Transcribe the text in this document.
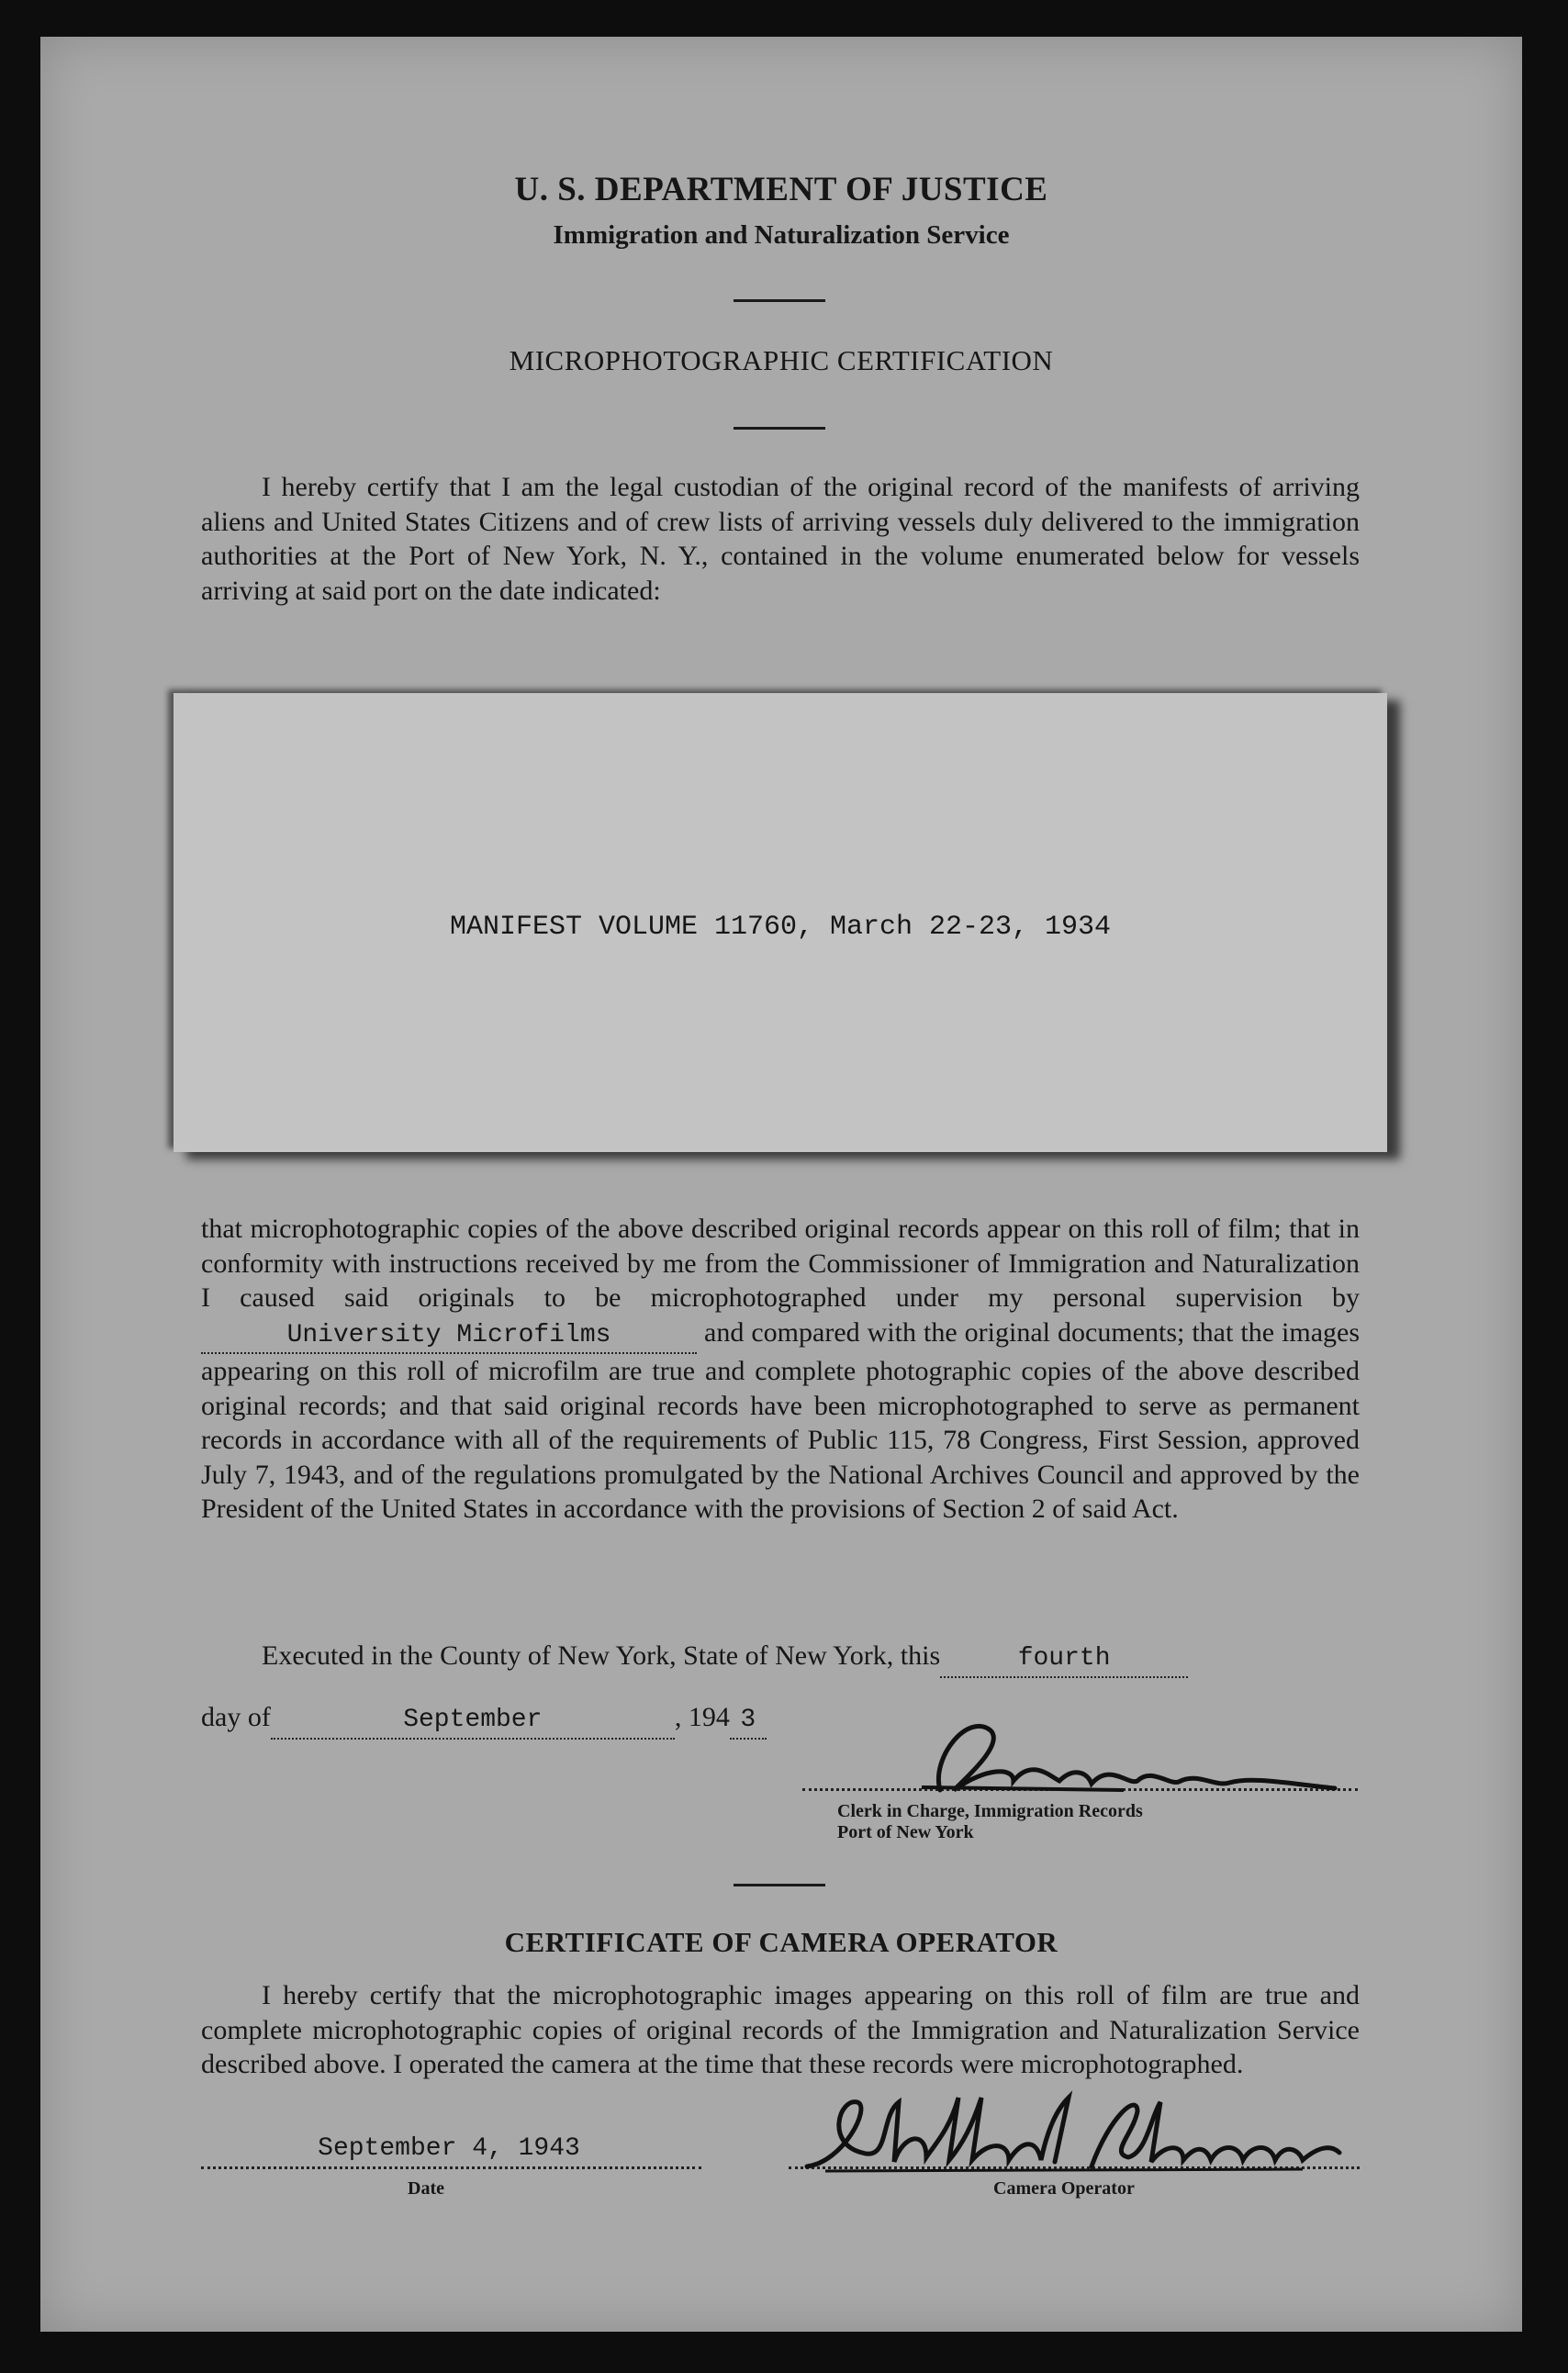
U. S. DEPARTMENT OF JUSTICE
Immigration and Naturalization Service
MICROPHOTOGRAPHIC CERTIFICATION
I hereby certify that I am the legal custodian of the original record of the manifests of arriving aliens and United States Citizens and of crew lists of arriving vessels duly delivered to the immigration authorities at the Port of New York, N. Y., contained in the volume enumerated below for vessels arriving at said port on the date indicated:
MANIFEST VOLUME 11760, March 22-23, 1934
that microphotographic copies of the above described original records appear on this roll of film; that in conformity with instructions received by me from the Commissioner of Immigration and Naturalization I caused said originals to be microphotographed under my personal supervision by University Microfilms	and compared with the original documents; that the images appearing on this roll of microfilm are true and complete photographic copies of the above described original records; and that said original records have been microphotographed to serve as permanent records in accordance with all of the requirements of Public 115, 78 Congress, First Session, approved July 7, 1943, and of the regulations promulgated by the National Archives Council and approved by the President of the United States in accordance with the provisions of Section 2 of said Act.
Executed in the County of New York, State of New York, this	fourth
day of	September	, 194 3
Clerk in Charge, Immigration Records
Port of New York
CERTIFICATE OF CAMERA OPERATOR
I hereby certify that the microphotographic images appearing on this roll of film are true and complete microphotographic copies of original records of the Immigration and Naturalization Service described above. I operated the camera at the time that these records were microphotographed.
September 4, 1943
Date	Camera Operator
